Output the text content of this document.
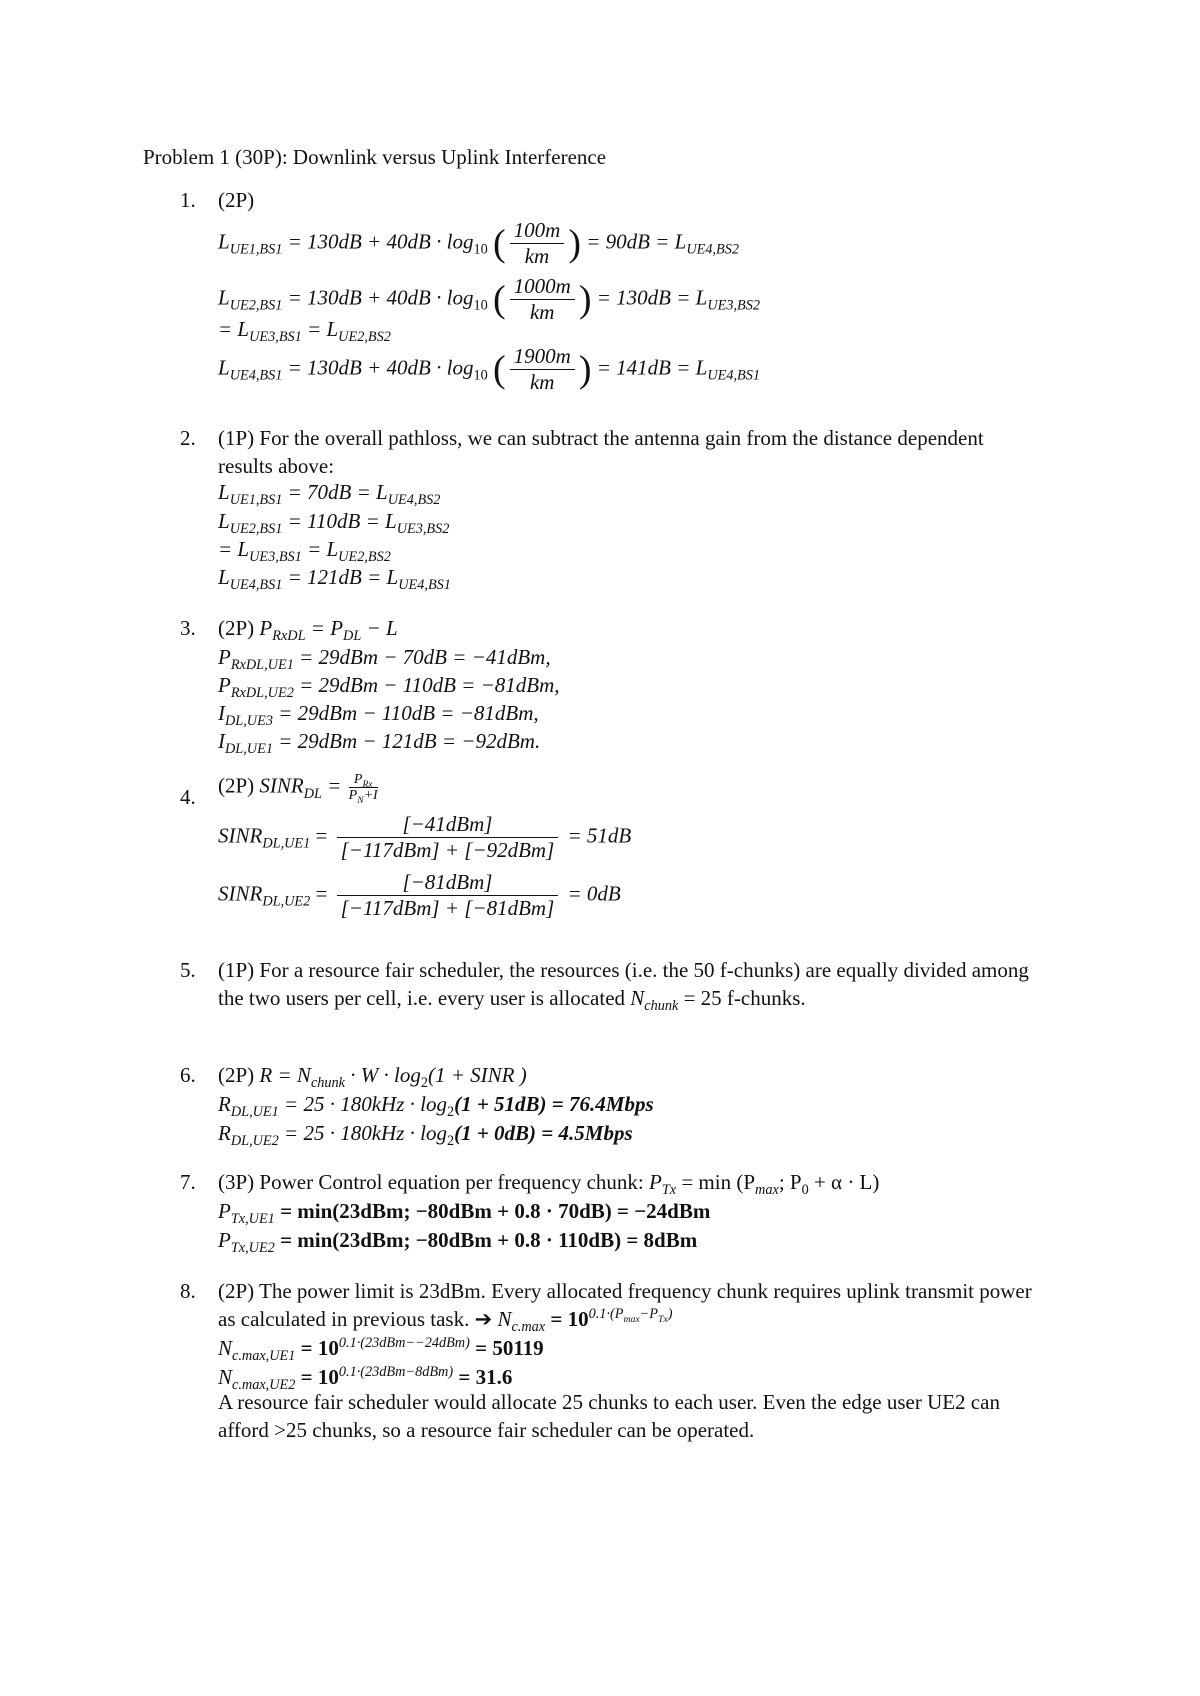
Problem 1 (30P): Downlink versus Uplink Interference
1. (2P)
$L_{UE1,BS1} = 130dB + 40dB \cdot \log_{10}$ ( $\frac{100m}{km}$ ) = $90dB = L_{UE4,BS2}$
$L_{UE2,BS1} = 130dB + 40dB \cdot \log_{10}$ ( $\frac{1000m}{km}$ ) = $130dB = L_{UE3,BS2}$
= $L_{UE3,BS1} = L_{UE2,BS2}$
$L_{UE4,BS1} = 130dB + 40dB \cdot \log_{10}$ ( $\frac{1900m}{km}$ ) = $141dB = L_{UE4,BS1}$
2. (1P) For the overall pathloss, we can subtract the antenna gain from the distance dependent results above:
$L_{UE1,BS1} = 70dB = L_{UE4,BS2}$
$L_{UE2,BS1} = 110dB = L_{UE3,BS2}$
= $L_{UE3,BS1} = L_{UE2,BS2}$
$L_{UE4,BS1} = 121dB = L_{UE4,BS1}$
3. (2P) $P_{RxDL} = P_{DL} - L$
$P_{RxDL,UE1} = 29dBm - 70dB = -41dBm$,
$P_{RxDL,UE2} = 29dBm - 110dB = -81dBm$,
$I_{DL,UE3} = 29dBm - 110dB = -81dBm$,
$I_{DL,UE1} = 29dBm - 121dB = -92dBm$.
4. (2P) $SINR_{DL} = P_{Rx}$
$P_N+I$
$SINR_{DL,UE1} = \frac{\text{[−41dBm]}}{\text{[−117dBm] + [−92dBm]}} = 51dB$
$SINR_{DL,UE2} = \frac{\text{[−81dBm]}}{\text{[−117dBm] + [−81dBm]}} = 0dB$
5. (1P) For a resource fair scheduler, the resources (i.e. the 50 f-chunks) are equally divided among the two users per cell, i.e. every user is allocated $N_{chunk} = 25$ f-chunks.
6. (2P) $R = N_{chunk} \cdot W \cdot \log_2(1$ + SINR )
$R_{DL,UE1} = 25 \cdot 180kHz \cdot \log_2(1 + 51dB)$ = 76.4Mbps
$R_{DL,UE2} = 25 \cdot 180kHz \cdot \log_2(1 + 0dB)$ = 4.5Mbps
7. (3P) Power Control equation per frequency chunk: $P_{Tx} = \min (P_{max}$; $P_0 + \alpha \cdot L$)
$P_{Tx,UE1} = \min(23dBm$; −80dBm + 0.8 · 70dB) = −24dBm
$P_{Tx,UE2} = \min(23dBm$; −80dBm + 0.8 · 110dB) = 8dBm
8. (2P) The power limit is 23dBm. Every allocated frequency chunk requires uplink transmit power as calculated in previous task. ➔ $N_{c.max} = 10^{0.1\cdot(P_{max}-P_{Tx})}$
$N_{c.max,UE1} = 10^{0.1\cdot(23dBm--24dBm)} = 50119$
$N_{c.max,UE2} = 10^{0.1\cdot(23dBm-8dBm)} = 31.6$
A resource fair scheduler would allocate 25 chunks to each user. Even the edge user UE2 can afford >25 chunks, so a resource fair scheduler can be operated.
